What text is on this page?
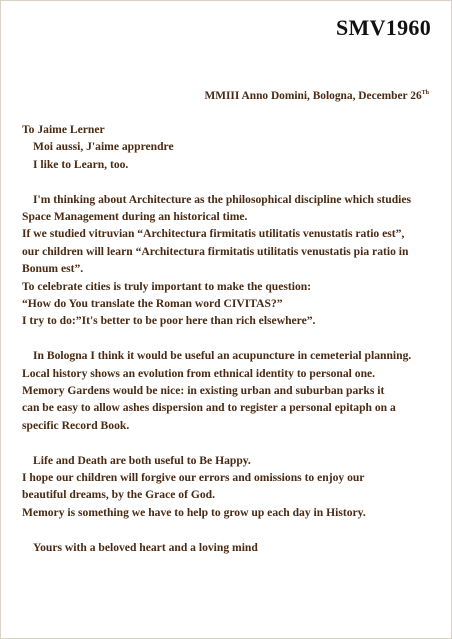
SMV1960
MMIII Anno Domini, Bologna, December 26Th
To Jaime Lerner
Moi aussi, J'aime apprendre
I like to Learn, too.
I'm thinking about Architecture as the philosophical discipline which studies
Space Management during an historical time.
If we studied vitruvian “Architectura firmitatis utilitatis venustatis ratio est”,
our children will learn “Architectura firmitatis utilitatis venustatis pia ratio in
Bonum est”.
To celebrate cities is truly important to make the question:
“How do You translate the Roman word CIVITAS?”
I try to do:”It's better to be poor here than rich elsewhere”.
In Bologna I think it would be useful an acupuncture in cemeterial planning.
Local history shows an evolution from ethnical identity to personal one.
Memory Gardens would be nice: in existing urban and suburban parks it
can be easy to allow ashes dispersion and to register a personal epitaph on a
specific Record Book.
Life and Death are both useful to Be Happy.
I hope our children will forgive our errors and omissions to enjoy our
beautiful dreams, by the Grace of God.
Memory is something we have to help to grow up each day in History.
Yours with a beloved heart and a loving mind
